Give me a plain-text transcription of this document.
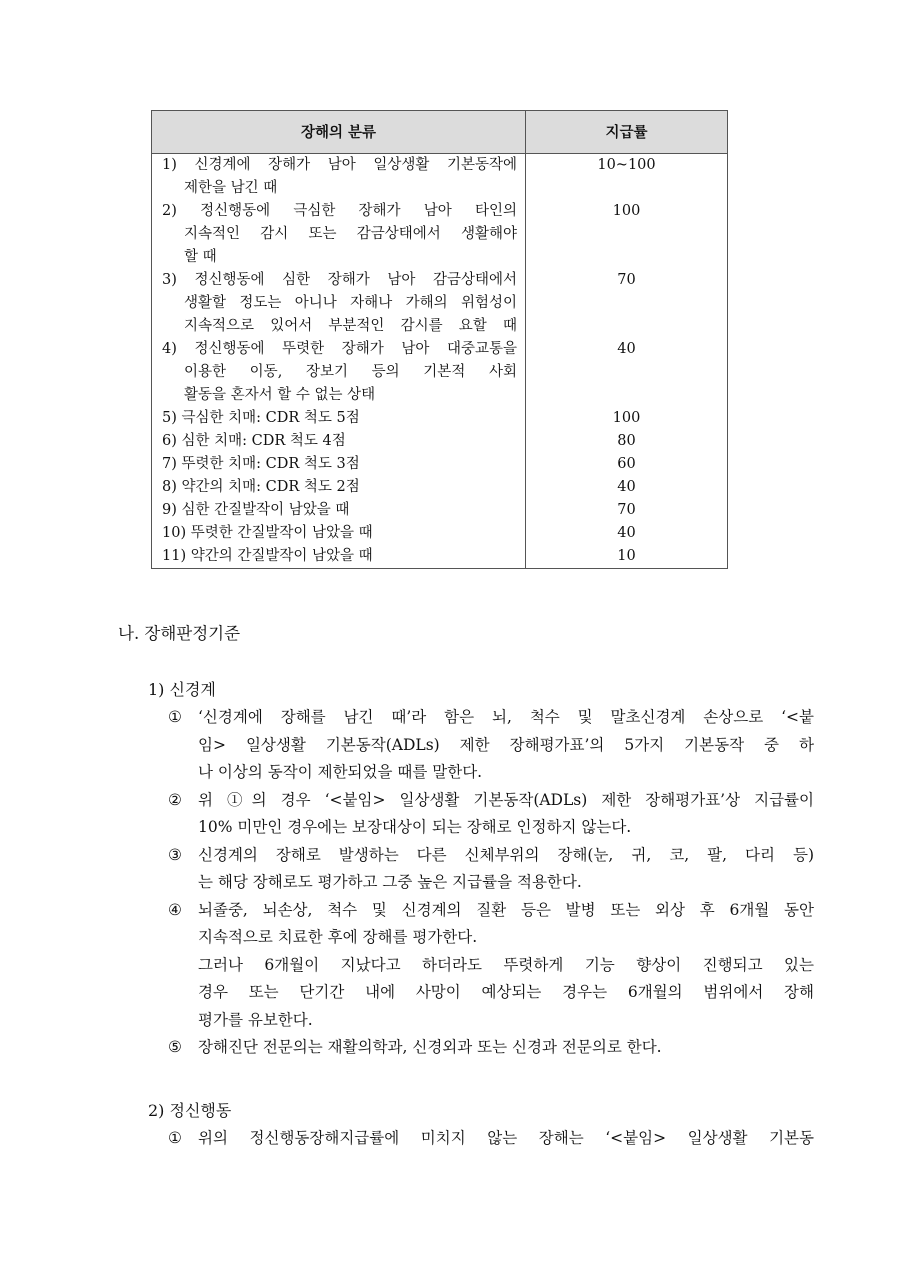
장해의 분류	지급률

1) 신경계에 장해가 남아 일상생활 기본동작에
제한을 남긴 때	10~100

2) 정신행동에 극심한 장해가 남아 타인의
지속적인 감시 또는 감금상태에서 생활해야
할 때	100

3) 정신행동에 심한 장해가 남아 감금상태에서
생활할 정도는 아니나 자해나 가해의 위험성이
지속적으로 있어서 부분적인 감시를 요할 때	70

4) 정신행동에 뚜렷한 장해가 남아 대중교통을
이용한 이동, 장보기 등의 기본적 사회
활동을 혼자서 할 수 없는 상태	40
5) 극심한 치매: CDR 척도 5점	100
6) 심한 치매: CDR 척도 4점	80
7) 뚜렷한 치매: CDR 척도 3점	60
8) 약간의 치매: CDR 척도 2점	40
9) 심한 간질발작이 남았을 때	70
10) 뚜렷한 간질발작이 남았을 때	40
11) 약간의 간질발작이 남았을 때	10
나. 장해판정기준
1) 신경계
①	‘신경계에 장해를 남긴 때’라 함은 뇌, 척수 및 말초신경계 손상으로 ‘<붙
임> 일상생활 기본동작(ADLs) 제한 장해평가표’의 5가지 기본동작 중 하
나 이상의 동작이 제한되었을 때를 말한다.
②	위 ①의 경우 ‘<붙임> 일상생활 기본동작(ADLs) 제한 장해평가표’상 지급률이
10% 미만인 경우에는 보장대상이 되는 장해로 인정하지 않는다.
③	신경계의 장해로 발생하는 다른 신체부위의 장해(눈, 귀, 코, 팔, 다리 등)
는 해당 장해로도 평가하고 그중 높은 지급률을 적용한다.
④	뇌졸중, 뇌손상, 척수 및 신경계의 질환 등은 발병 또는 외상 후 6개월 동안
지속적으로 치료한 후에 장해를 평가한다.
그러나 6개월이 지났다고 하더라도 뚜렷하게 기능 향상이 진행되고 있는
경우 또는 단기간 내에 사망이 예상되는 경우는 6개월의 범위에서 장해
평가를 유보한다.
⑤	장해진단 전문의는 재활의학과, 신경외과 또는 신경과 전문의로 한다.
2) 정신행동
①	위의 정신행동장해지급률에 미치지 않는 장해는 ‘<붙임> 일상생활 기본동
